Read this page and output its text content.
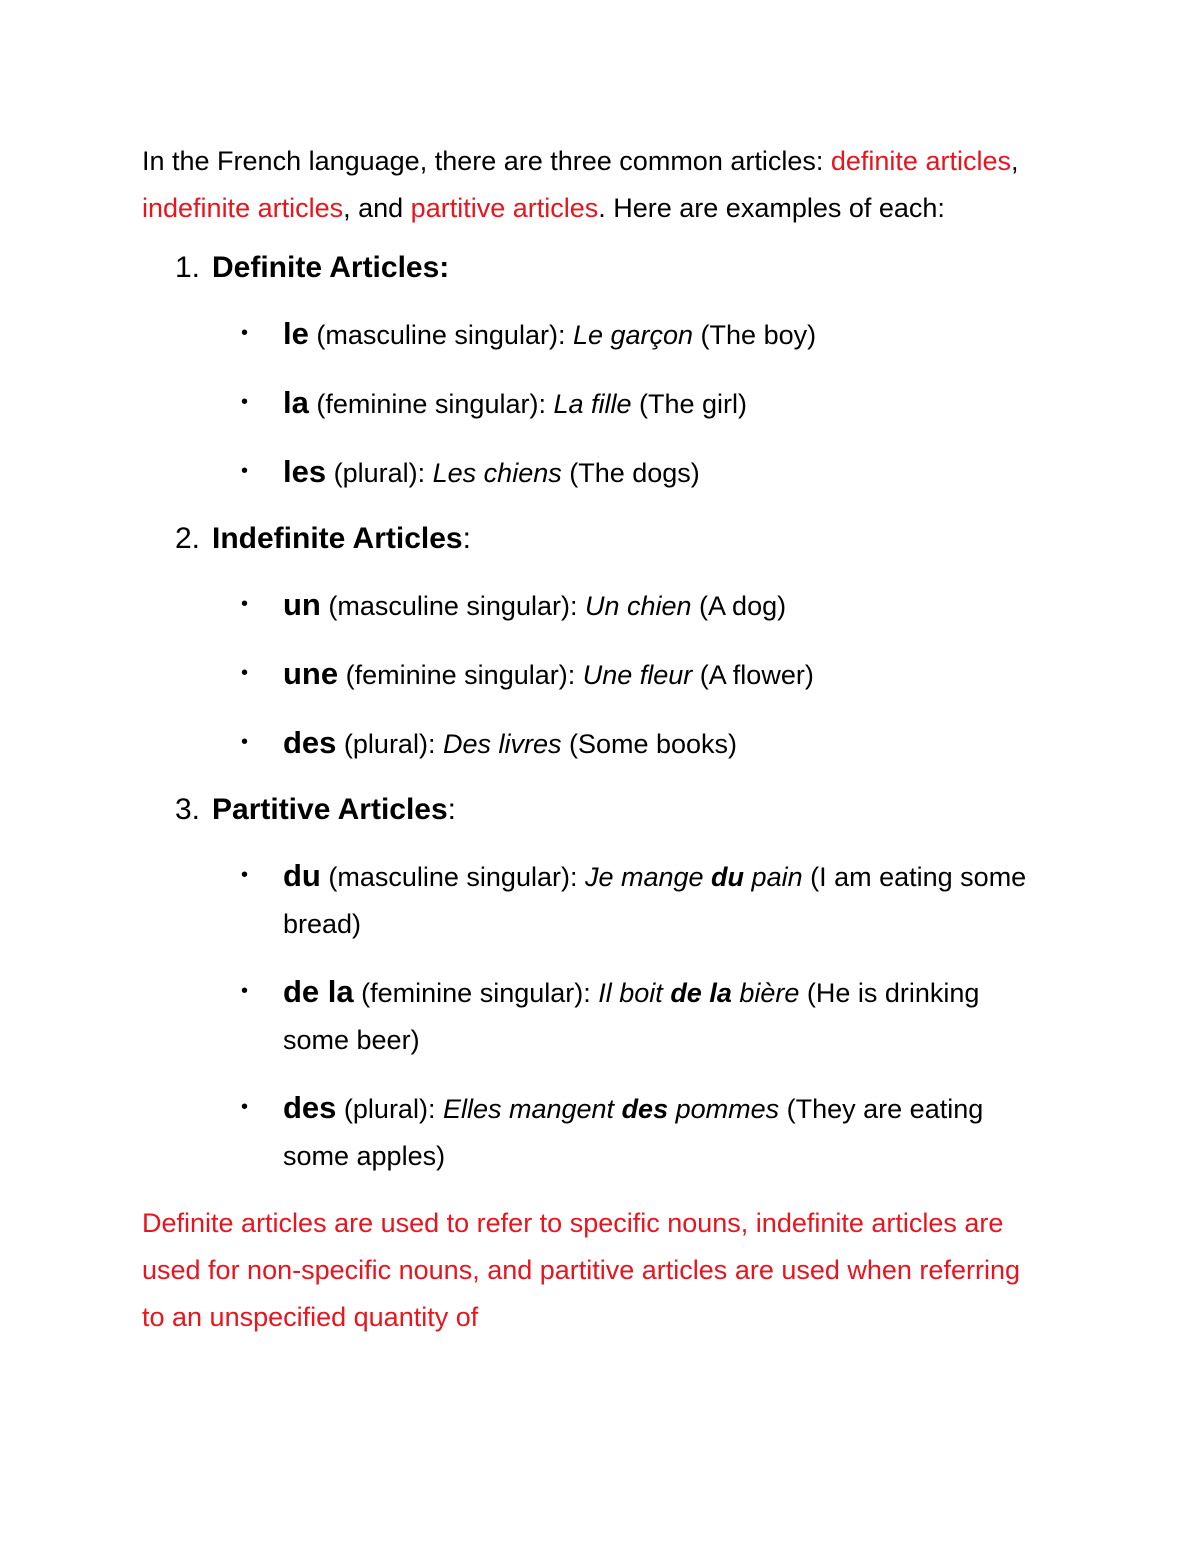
In the French language, there are three common articles: definite articles, indefinite articles, and partitive articles. Here are examples of each:

1. Definite Articles:
• le (masculine singular): Le garçon (The boy)
• la (feminine singular): La fille (The girl)
• les (plural): Les chiens (The dogs)
2. Indefinite Articles:
• un (masculine singular): Un chien (A dog)
• une (feminine singular): Une fleur (A flower)
• des (plural): Des livres (Some books)
3. Partitive Articles:
• du (masculine singular): Je mange du pain (I am eating some bread)
• de la (feminine singular): Il boit de la bière (He is drinking some beer)
• des (plural): Elles mangent des pommes (They are eating some apples)

Definite articles are used to refer to specific nouns, indefinite articles are used for non-specific nouns, and partitive articles are used when referring to an unspecified quantity of
